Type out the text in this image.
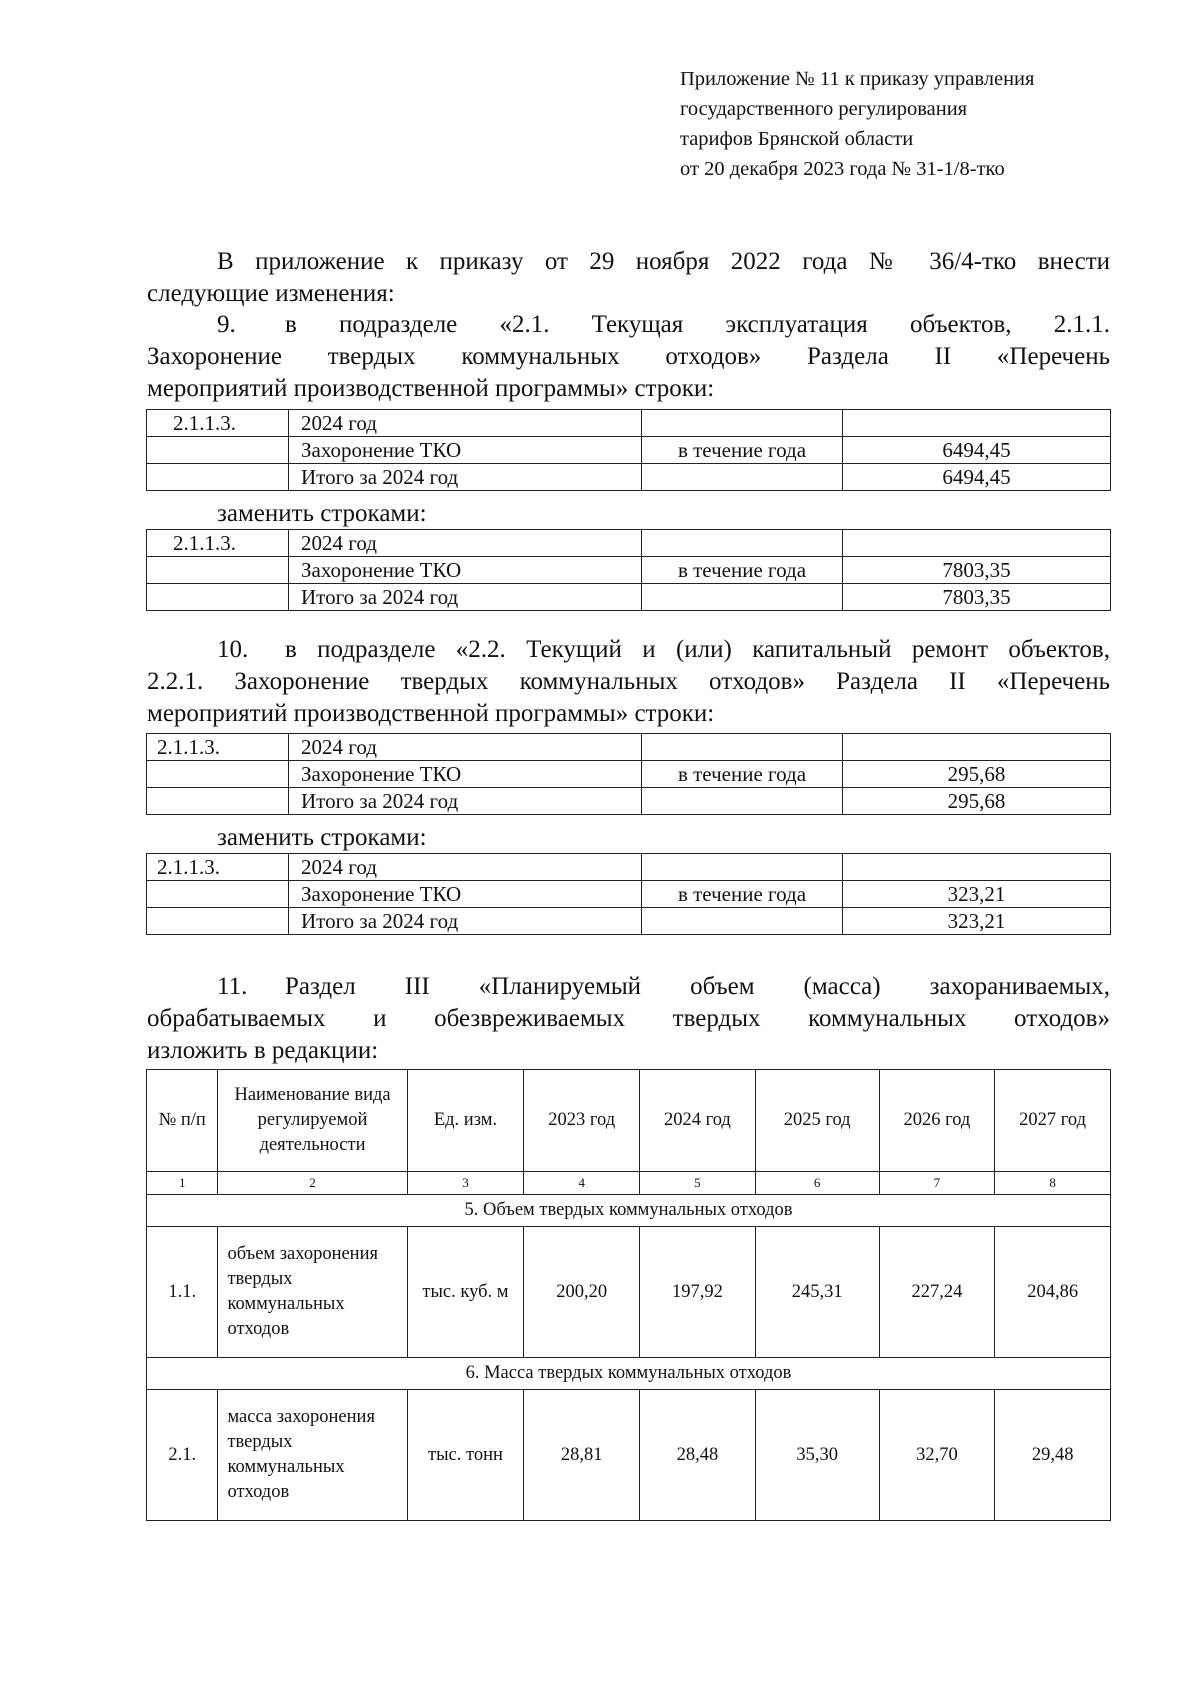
Приложение № 11 к приказу управления
государственного регулирования
тарифов Брянской области
от 20 декабря 2023 года № 31-1/8-тко
В приложение к приказу от 29 ноября 2022 года № 36/4-тко внести
следующие изменения:
9.	в подразделе «2.1. Текущая эксплуатация объектов, 2.1.1.
Захоронение твердых коммунальных отходов» Раздела II «Перечень
мероприятий производственной программы» строки:
2.1.1.3.	2024 год		
	Захоронение ТКО	в течение года	6494,45
	Итого за 2024 год		6494,45
заменить строками:
2.1.1.3.	2024 год		
	Захоронение ТКО	в течение года	7803,35
	Итого за 2024 год		7803,35
10.	в подразделе «2.2. Текущий и (или) капитальный ремонт объектов,
2.2.1. Захоронение твердых коммунальных отходов» Раздела II «Перечень
мероприятий производственной программы» строки:
2.1.1.3.	2024 год		
	Захоронение ТКО	в течение года	295,68
	Итого за 2024 год		295,68
заменить строками:
2.1.1.3.	2024 год		
	Захоронение ТКО	в течение года	323,21
	Итого за 2024 год		323,21
11.	Раздел III «Планируемый объем (масса) захораниваемых,
обрабатываемых и обезвреживаемых твердых коммунальных отходов»
изложить в редакции:
№ п/п	Наименование вида регулируемой деятельности	Ед. изм.	2023 год	2024 год	2025 год	2026 год	2027 год
1	2	3	4	5	6	7	8
5. Объем твердых коммунальных отходов							
1.1.	объем захоронения твердых коммунальных отходов	тыс. куб. м	200,20	197,92	245,31	227,24	204,86
6. Масса твердых коммунальных отходов							
2.1.	масса захоронения твердых коммунальных отходов	тыс. тонн	28,81	28,48	35,30	32,70	29,48
